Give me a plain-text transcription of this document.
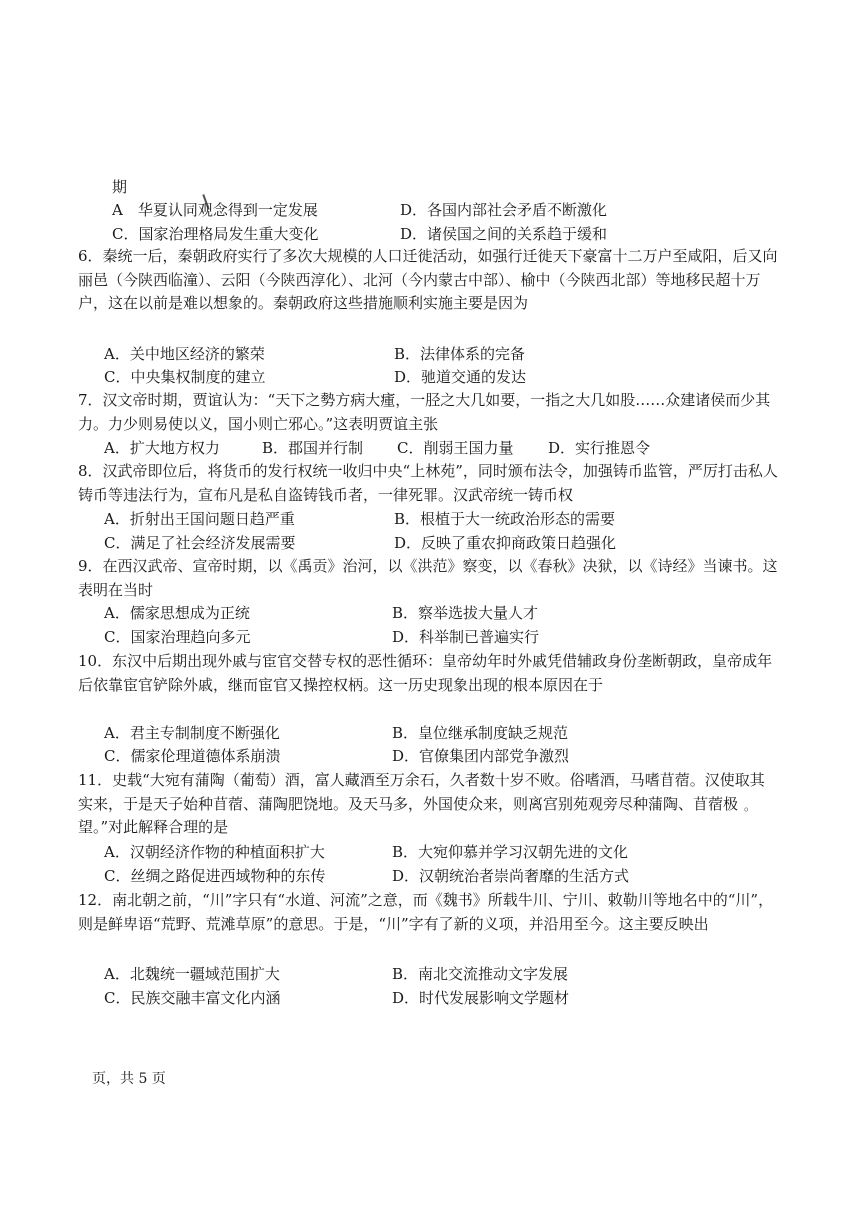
期
A　华夏认同观念得到一定发展	D．各国内部社会矛盾不断激化
C．国家治理格局发生重大变化	D．诸侯国之间的关系趋于缓和
6．秦统一后，秦朝政府实行了多次大规模的人口迁徙活动，如强行迁徙天下豪富十二万户至咸阳，后又向丽邑（今陕西临潼）、云阳（今陕西淳化）、北河（今内蒙古中部）、榆中（今陕西北部）等地移民超十万户，这在以前是难以想象的。秦朝政府这些措施顺利实施主要是因为
A．关中地区经济的繁荣	B．法律体系的完备
C．中央集权制度的建立	D．驰道交通的发达
7．汉文帝时期，贾谊认为：“天下之勢方病大瘇，一胫之大几如要，一指之大几如股……众建诸侯而少其力。力少则易使以义，国小则亡邪心。”这表明贾谊主张
A．扩大地方权力	B．郡国并行制 C．削弱王国力量 D．实行推恩令
8．汉武帝即位后，将货币的发行权统一收归中央“上林苑”，同时颁布法令，加强铸币监管，严厉打击私人铸币等违法行为，宣布凡是私自盗铸钱币者，一律死罪。汉武帝统一铸币权
A．折射出王国问题日趋严重	B．根植于大一统政治形态的需要
C．满足了社会经济发展需要	D．反映了重农抑商政策日趋强化
9．在西汉武帝、宣帝时期，以《禹贡》治河，以《洪范》察变，以《春秋》决狱，以《诗经》当谏书。这表明在当时
A．儒家思想成为正统	B．察举选拔大量人才
C．国家治理趋向多元	D．科举制已普遍实行
10．东汉中后期出现外戚与宦官交替专权的恶性循环：皇帝幼年时外戚凭借辅政身份垄断朝政，皇帝成年后依靠宦官铲除外戚，继而宦官又操控权柄。这一历史现象出现的根本原因在于
A．君主专制制度不断强化	B．皇位继承制度缺乏规范
C．儒家伦理道德体系崩溃	D．官僚集团内部党争激烈
11．史载“大宛有蒲陶（葡萄）酒，富人藏酒至万余石，久者数十岁不败。俗嗜酒，马嗜苜蓿。汉使取其实来，于是天子始种苜蓿、蒲陶肥饶地。及天马多，外国使众来，则离宫别苑观旁尽种蒲陶、苜蓿极望。”对此解释合理的是
A．汉朝经济作物的种植面积扩大	B．大宛仰慕并学习汉朝先进的文化
C．丝绸之路促进西域物种的东传	D．汉朝统治者崇尚奢靡的生活方式
。
12．南北朝之前，“川”字只有“水道、河流”之意，而《魏书》所载牛川、宁川、敕勒川等地名中的“川”，则是鲜卑语“荒野、荒滩草原”的意思。于是，“川”字有了新的义项，并沿用至今。这主要反映出
A．北魏统一疆域范围扩大	B．南北交流推动文字发展
C．民族交融丰富文化内涵	D．时代发展影响文学题材
页，共 5 页
